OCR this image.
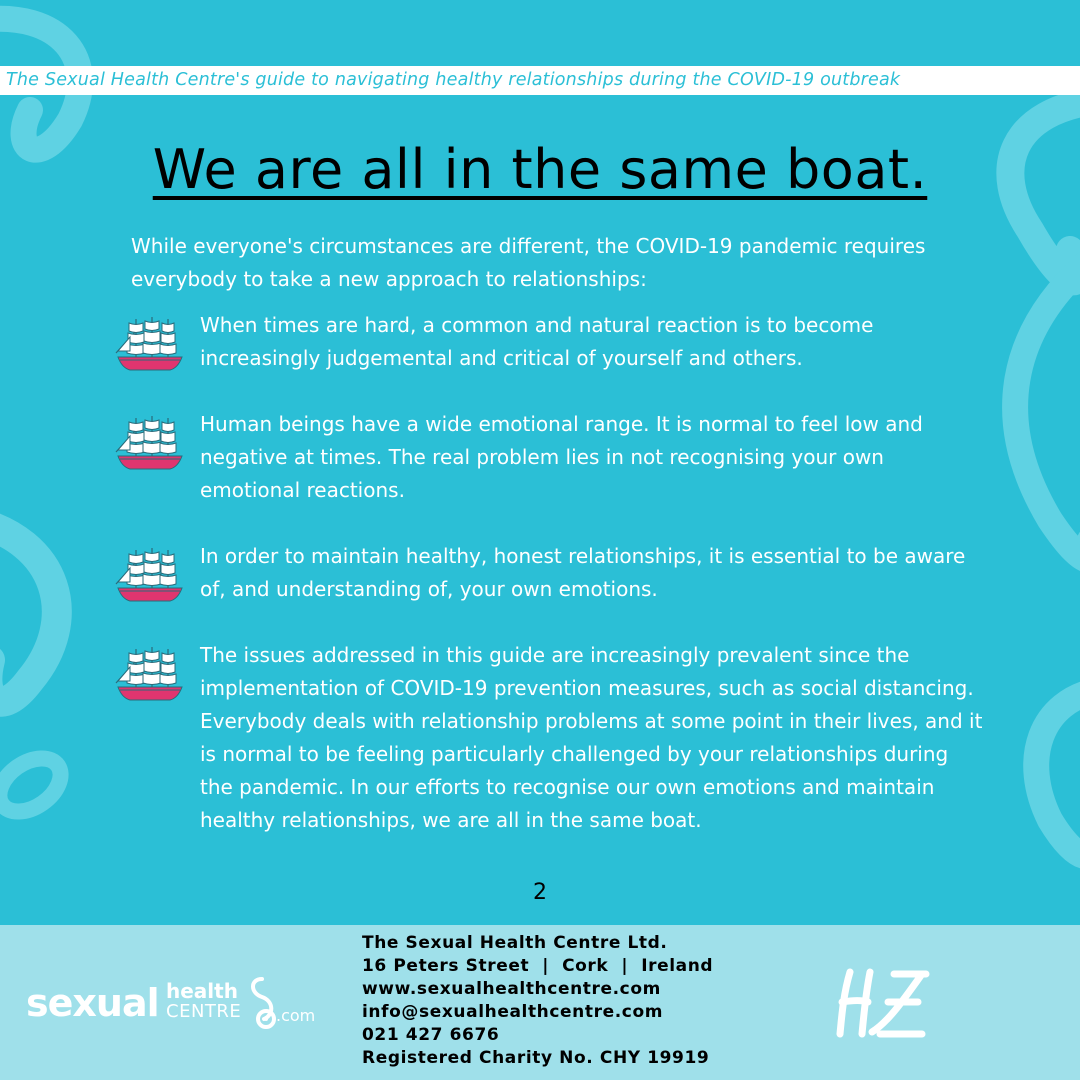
The Sexual Health Centre's guide to navigating healthy relationships during the COVID-19 outbreak
We are all in the same boat.

While everyone's circumstances are different, the COVID-19 pandemic requires everybody to take a new approach to relationships:

When times are hard, a common and natural reaction is to become increasingly judgemental and critical of yourself and others.

Human beings have a wide emotional range. It is normal to feel low and negative at times. The real problem lies in not recognising your own emotional reactions.

In order to maintain healthy, honest relationships, it is essential to be aware of, and understanding of, your own emotions.

The issues addressed in this guide are increasingly prevalent since the implementation of COVID-19 prevention measures, such as social distancing. Everybody deals with relationship problems at some point in their lives, and it is normal to be feeling particularly challenged by your relationships during the pandemic. In our efforts to recognise our own emotions and maintain healthy relationships, we are all in the same boat.

2
sexual health
CENTRE .com
The Sexual Health Centre Ltd.
16 Peters Street  |  Cork  |  Ireland
www.sexualhealthcentre.com
info@sexualhealthcentre.com
021 427 6676
Registered Charity No. CHY 19919
